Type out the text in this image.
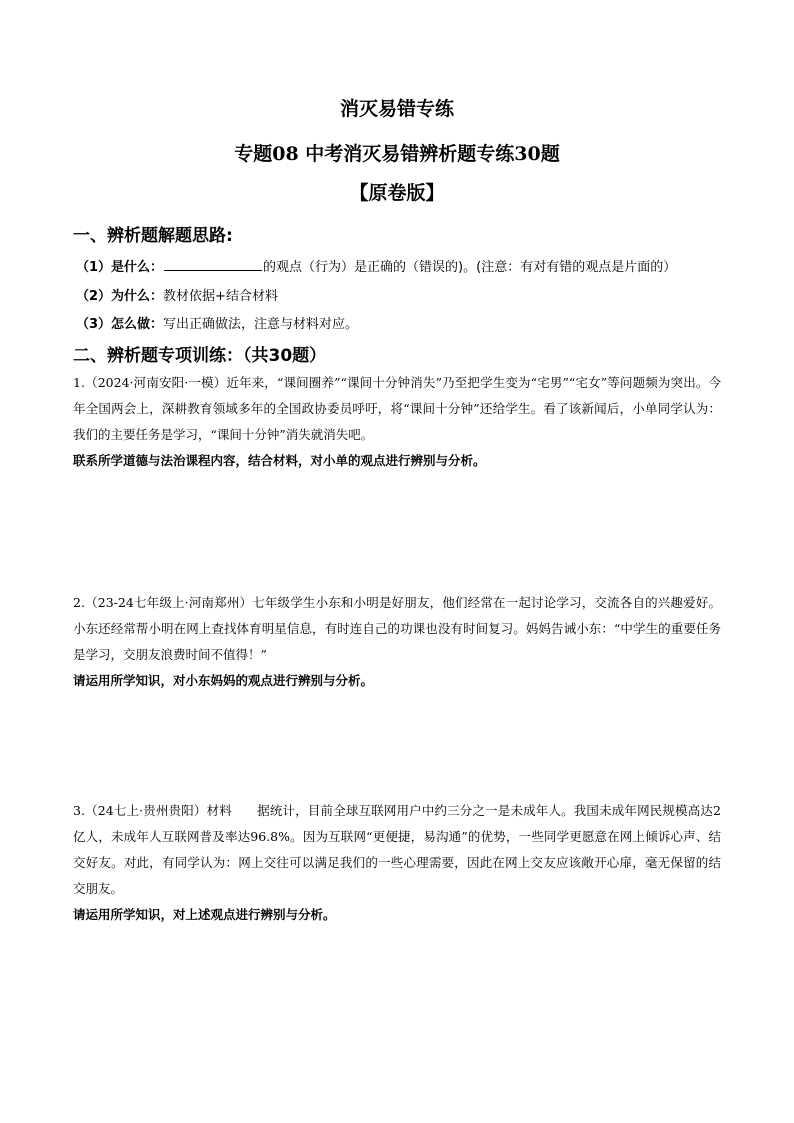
消灭易错专练
专题08 中考消灭易错辨析题专练30题
【原卷版】
一、辨析题解题思路:
（1）是什么：	的观点（行为）是正确的（错误的)。(注意：有对有错的观点是片面的）
（2）为什么：教材依据+结合材料
（3）怎么做：写出正确做法，注意与材料对应。
二、辨析题专项训练：（共30题）
1.（2024·河南安阳·一模）近年来，“课间圈养”“课间十分钟消失”乃至把学生变为“宅男”“宅女”等问题频为突出。今年全国两会上，深耕教育领域多年的全国政协委员呼吁，将“课间十分钟”还给学生。看了该新闻后，小单同学认为：我们的主要任务是学习，“课间十分钟”消失就消失吧。
联系所学道德与法治课程内容，结合材料，对小单的观点进行辨别与分析。
2.（23-24七年级上·河南郑州）七年级学生小东和小明是好朋友，他们经常在一起讨论学习，交流各自的兴趣爱好。小东还经常帮小明在网上查找体育明星信息，有时连自己的功课也没有时间复习。妈妈告诫小东：“中学生的重要任务是学习，交朋友浪费时间不值得！”
请运用所学知识，对小东妈妈的观点进行辨别与分析。
3.（24七上·贵州贵阳）材料　　据统计，目前全球互联网用户中约三分之一是未成年人。我国未成年网民规模高达2亿人，未成年人互联网普及率达96.8%。因为互联网“更便捷，易沟通”的优势，一些同学更愿意在网上倾诉心声、结交好友。对此，有同学认为：网上交往可以满足我们的一些心理需要，因此在网上交友应该敞开心扉，毫无保留的结交朋友。
请运用所学知识，对上述观点进行辨别与分析。
